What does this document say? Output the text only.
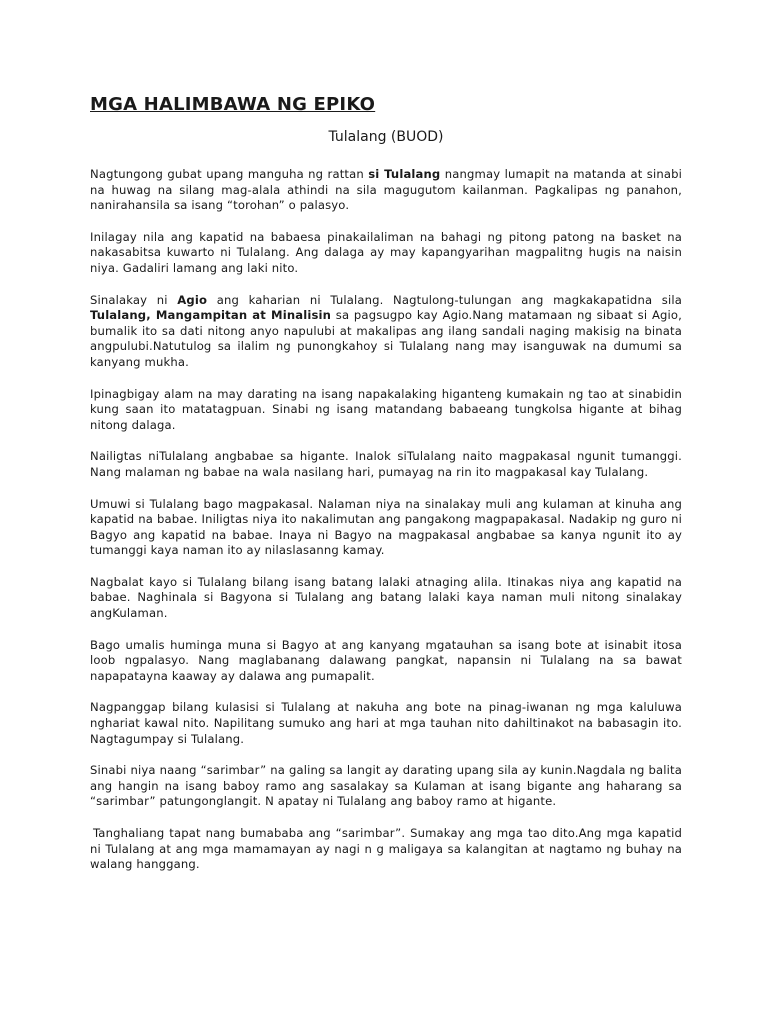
MGA HALIMBAWA NG EPIKO
Tulalang (BUOD)

Nagtungong gubat upang manguha ng rattan si Tulalang nangmay lumapit na matanda at sinabi na huwag na silang mag-alala athindi na sila magugutom kailanman. Pagkalipas ng panahon, nanirahansila sa isang “torohan” o palasyo.

Inilagay nila ang kapatid na babaesa pinakailaliman na bahagi ng pitong patong na basket na nakasabitsa kuwarto ni Tulalang. Ang dalaga ay may kapangyarihan magpalitng hugis na naisin niya. Gadaliri lamang ang laki nito.

Sinalakay ni Agio ang kaharian ni Tulalang. Nagtulong-tulungan ang magkakapatidna sila Tulalang, Mangampitan at Minalisin sa pagsugpo kay Agio.Nang matamaan ng sibaat si Agio, bumalik ito sa dati nitong anyo napulubi at makalipas ang ilang sandali naging makisig na binata angpulubi.Natutulog sa ilalim ng punongkahoy si Tulalang nang may isanguwak na dumumi sa kanyang mukha.

Ipinagbigay alam na may darating na isang napakalaking higanteng kumakain ng tao at sinabidin kung saan ito matatagpuan. Sinabi ng isang matandang babaeang tungkolsa higante at bihag nitong dalaga.

Nailigtas niTulalang angbabae sa higante. Inalok siTulalang naito magpakasal ngunit tumanggi. Nang malaman ng babae na wala nasilang hari, pumayag na rin ito magpakasal kay Tulalang.

Umuwi si Tulalang bago magpakasal. Nalaman niya na sinalakay muli ang kulaman at kinuha ang kapatid na babae. Iniligtas niya ito nakalimutan ang pangakong magpapakasal. Nadakip ng guro ni Bagyo ang kapatid na babae. Inaya ni Bagyo na magpakasal angbabae sa kanya ngunit ito ay tumanggi kaya naman ito ay nilaslasanng kamay.

Nagbalat kayo si Tulalang bilang isang batang lalaki atnaging alila. Itinakas niya ang kapatid na babae. Naghinala si Bagyona si Tulalang ang batang lalaki kaya naman muli nitong sinalakay angKulaman.

Bago umalis huminga muna si Bagyo at ang kanyang mgatauhan sa isang bote at isinabit itosa loob ngpalasyo. Nang maglabanang dalawang pangkat, napansin ni Tulalang na sa bawat napapatayna kaaway ay dalawa ang pumapalit.

Nagpanggap bilang kulasisi si Tulalang at nakuha ang bote na pinag-iwanan ng mga kaluluwa nghariat kawal nito. Napilitang sumuko ang hari at mga tauhan nito dahiltinakot na babasagin ito. Nagtagumpay si Tulalang.

Sinabi niya naang “sarimbar” na galing sa langit ay darating upang sila ay kunin.Nagdala ng balita ang hangin na isang baboy ramo ang sasalakay sa Kulaman at isang bigante ang haharang sa “sarimbar” patungonglangit. N apatay ni Tulalang ang baboy ramo at higante.

Tanghaliang tapat nang bumababa ang “sarimbar”. Sumakay ang mga tao dito.Ang mga kapatid ni Tulalang at ang mga mamamayan ay nagi n g maligaya sa kalangitan at nagtamo ng buhay na walang hanggang.
